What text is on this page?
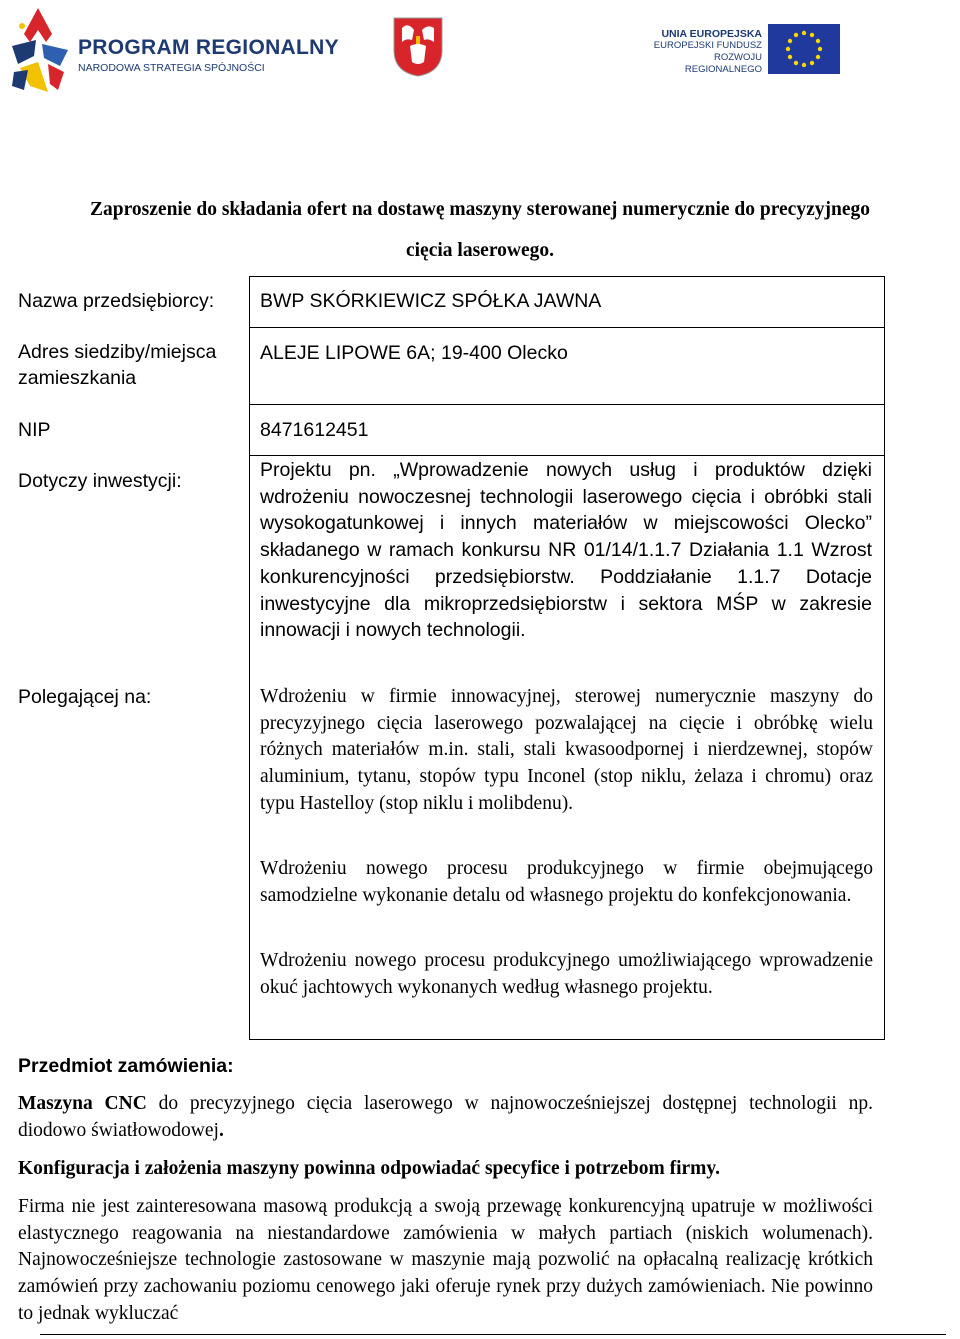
PROGRAM REGIONALNY
NARODOWA STRATEGIA SPÓJNOŚCI
UNIA EUROPEJSKA
EUROPEJSKI FUNDUSZ
ROZWOJU REGIONALNEGO
Zaproszenie do składania ofert na dostawę maszyny sterowanej numerycznie do precyzyjnego
cięcia laserowego.
Nazwa przedsiębiorcy:
Adres siedziby/miejsca zamieszkania
NIP
Dotyczy inwestycji:
Polegającej na:
Przedmiot zamówienia:
BWP SKÓRKIEWICZ SPÓŁKA JAWNA
ALEJE LIPOWE 6A; 19-400 Olecko
8471612451
Projektu pn. „Wprowadzenie nowych usług i produktów dzięki wdrożeniu nowoczesnej technologii laserowego cięcia i obróbki stali wysokogatunkowej i innych materiałów w miejscowości Olecko” składanego w ramach konkursu NR 01/14/1.1.7 Działania 1.1 Wzrost konkurencyjności przedsiębiorstw. Poddziałanie 1.1.7 Dotacje inwestycyjne dla mikroprzedsiębiorstw i sektora MŚP w zakresie innowacji i nowych technologii.
Wdrożeniu w firmie innowacyjnej, sterowej numerycznie maszyny do precyzyjnego cięcia laserowego pozwalającej na cięcie i obróbkę wielu różnych materiałów m.in. stali, stali kwasoodpornej i nierdzewnej, stopów aluminium, tytanu, stopów typu Inconel (stop niklu, żelaza i chromu) oraz typu Hastelloy (stop niklu i molibdenu).
Wdrożeniu nowego procesu produkcyjnego w firmie obejmującego samodzielne wykonanie detalu od własnego projektu do konfekcjonowania.
Wdrożeniu nowego procesu produkcyjnego umożliwiającego wprowadzenie okuć jachtowych wykonanych według własnego projektu.
Maszyna CNC do precyzyjnego cięcia laserowego w najnowocześniejszej dostępnej technologii np. diodowo światłowodowej.
Konfiguracja i założenia maszyny powinna odpowiadać specyfice i potrzebom firmy.
Firma nie jest zainteresowana masową produkcją a swoją przewagę konkurencyjną upatruje w możliwości elastycznego reagowania na niestandardowe zamówienia w małych partiach (niskich wolumenach). Najnowocześniejsze technologie zastosowane w maszynie mają pozwolić na opłacalną realizację krótkich zamówień przy zachowaniu poziomu cenowego jaki oferuje rynek przy dużych zamówieniach. Nie powinno to jednak wykluczać
